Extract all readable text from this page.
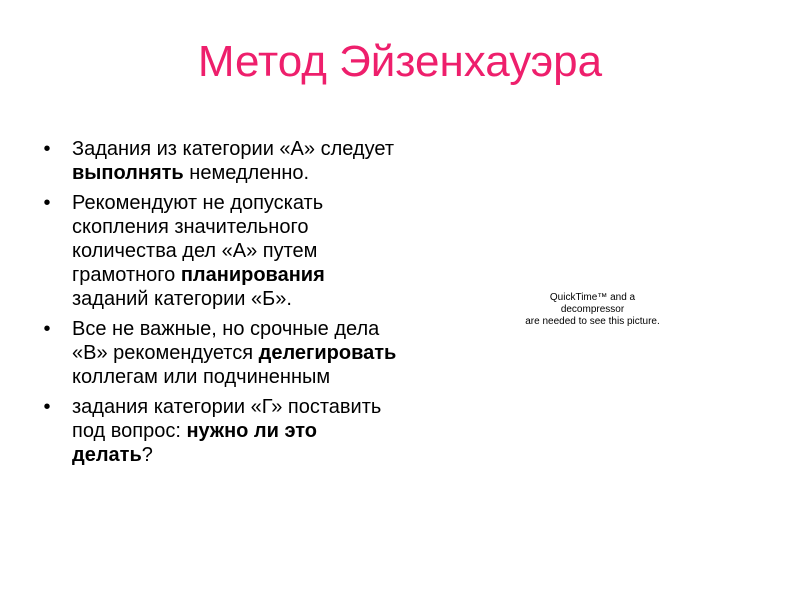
Метод Эйзенхауэра
• Задания из категории «А» следует выполнять немедленно.
• Рекомендуют не допускать скопления значительного количества дел «А» путем грамотного планирования заданий категории «Б».
• Все не важные, но срочные дела «В» рекомендуется делегировать коллегам или подчиненным
• задания категории «Г» поставить под вопрос: нужно ли это делать?
QuickTime™ and a
decompressor
are needed to see this picture.
